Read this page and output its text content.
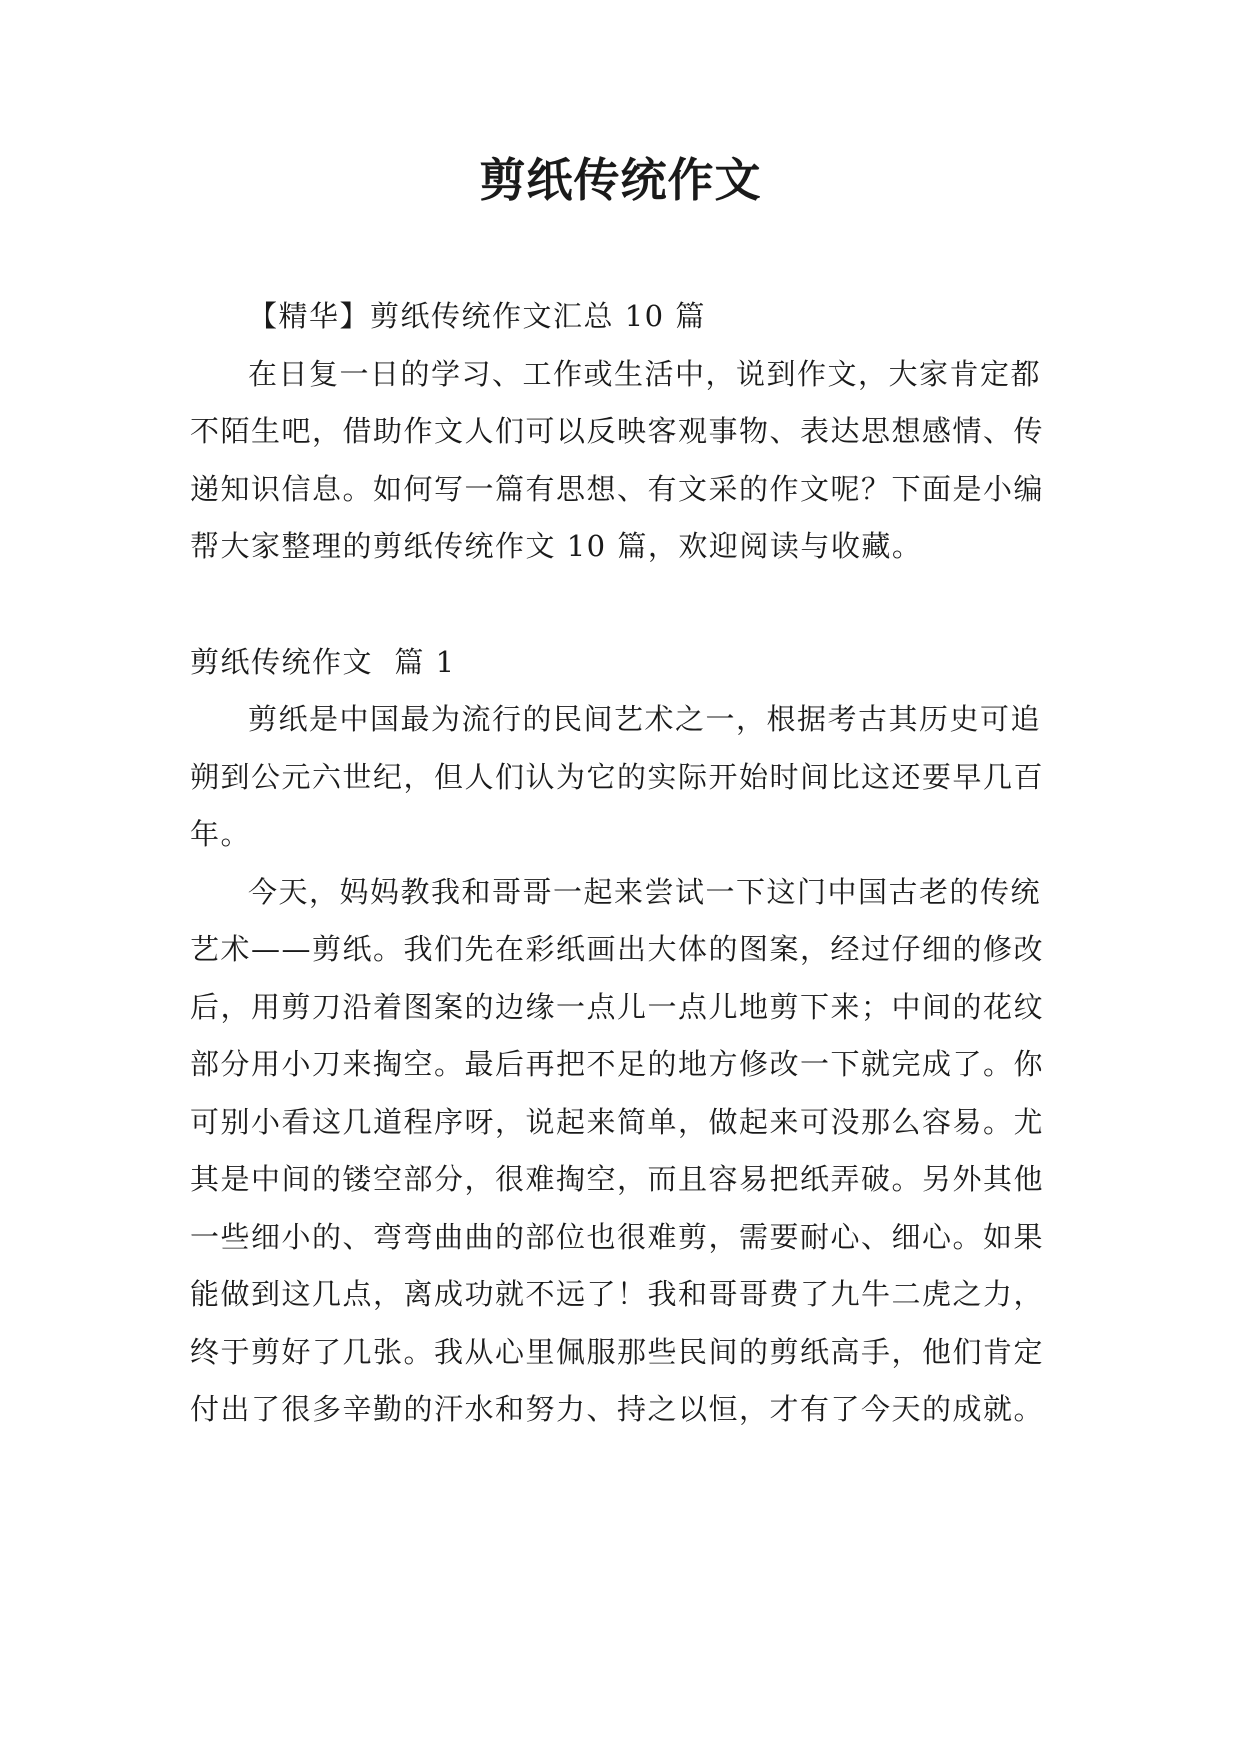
剪纸传统作文

【精华】剪纸传统作文汇总 10 篇

在日复一日的学习、工作或生活中，说到作文，大家肯定都不陌生吧，借助作文人们可以反映客观事物、表达思想感情、传递知识信息。如何写一篇有思想、有文采的作文呢？下面是小编帮大家整理的剪纸传统作文 10 篇，欢迎阅读与收藏。

剪纸传统作文  篇 1

剪纸是中国最为流行的民间艺术之一，根据考古其历史可追朔到公元六世纪，但人们认为它的实际开始时间比这还要早几百年。

今天，妈妈教我和哥哥一起来尝试一下这门中国古老的传统艺术——剪纸。我们先在彩纸画出大体的图案，经过仔细的修改后，用剪刀沿着图案的边缘一点儿一点儿地剪下来；中间的花纹部分用小刀来掏空。最后再把不足的地方修改一下就完成了。你可别小看这几道程序呀，说起来简单，做起来可没那么容易。尤其是中间的镂空部分，很难掏空，而且容易把纸弄破。另外其他一些细小的、弯弯曲曲的部位也很难剪，需要耐心、细心。如果能做到这几点，离成功就不远了！我和哥哥费了九牛二虎之力，终于剪好了几张。我从心里佩服那些民间的剪纸高手，他们肯定付出了很多辛勤的汗水和努力、持之以恒，才有了今天的成就。
